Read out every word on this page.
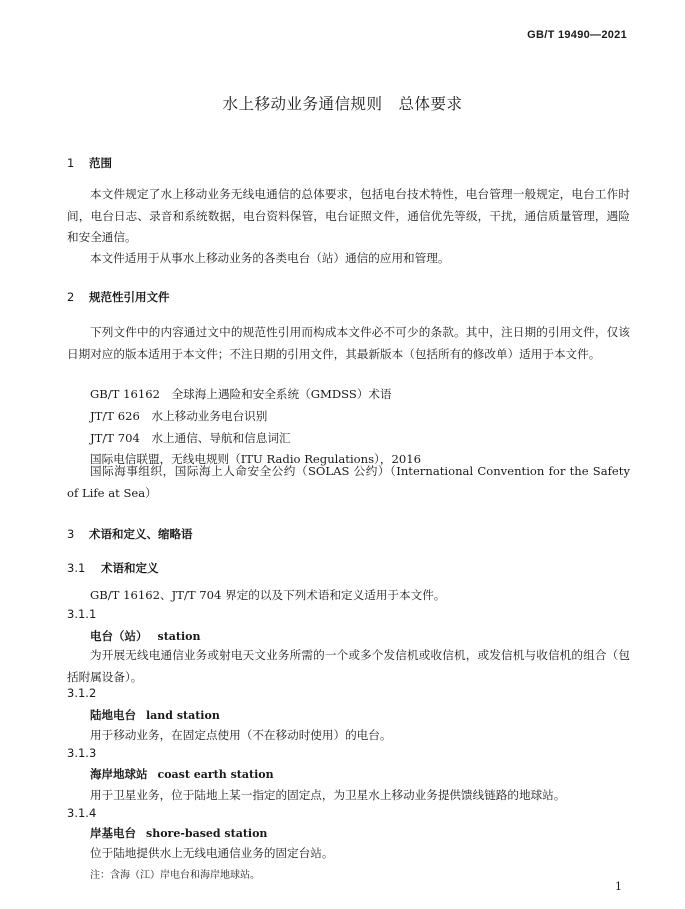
GB/T 19490—2021
水上移动业务通信规则　总体要求
1 范围
本文件规定了水上移动业务无线电通信的总体要求，包括电台技术特性，电台管理一般规定，电台工作时间，电台日志、录音和系统数据，电台资料保管，电台证照文件，通信优先等级，干扰，通信质量管理，遇险和安全通信。
本文件适用于从事水上移动业务的各类电台（站）通信的应用和管理。
2 规范性引用文件
下列文件中的内容通过文中的规范性引用而构成本文件必不可少的条款。其中，注日期的引用文件，仅该日期对应的版本适用于本文件；不注日期的引用文件，其最新版本（包括所有的修改单）适用于本文件。
GB/T 16162　全球海上遇险和安全系统（GMDSS）术语
JT/T 626　水上移动业务电台识别
JT/T 704　水上通信、导航和信息词汇
国际电信联盟，无线电规则（ITU Radio Regulations），2016
国际海事组织，国际海上人命安全公约（SOLAS 公约）（International Convention for the Safety of Life at Sea）
3 术语和定义、缩略语
3.1 术语和定义
GB/T 16162、JT/T 704 界定的以及下列术语和定义适用于本文件。
3.1.1
电台（站） station
为开展无线电通信业务或射电天文业务所需的一个或多个发信机或收信机，或发信机与收信机的组合（包括附属设备）。
3.1.2
陆地电台 land station
用于移动业务，在固定点使用（不在移动时使用）的电台。
3.1.3
海岸地球站 coast earth station
用于卫星业务，位于陆地上某一指定的固定点，为卫星水上移动业务提供馈线链路的地球站。
3.1.4
岸基电台 shore-based station
位于陆地提供水上无线电通信业务的固定台站。
注：含海（江）岸电台和海岸地球站。
1
